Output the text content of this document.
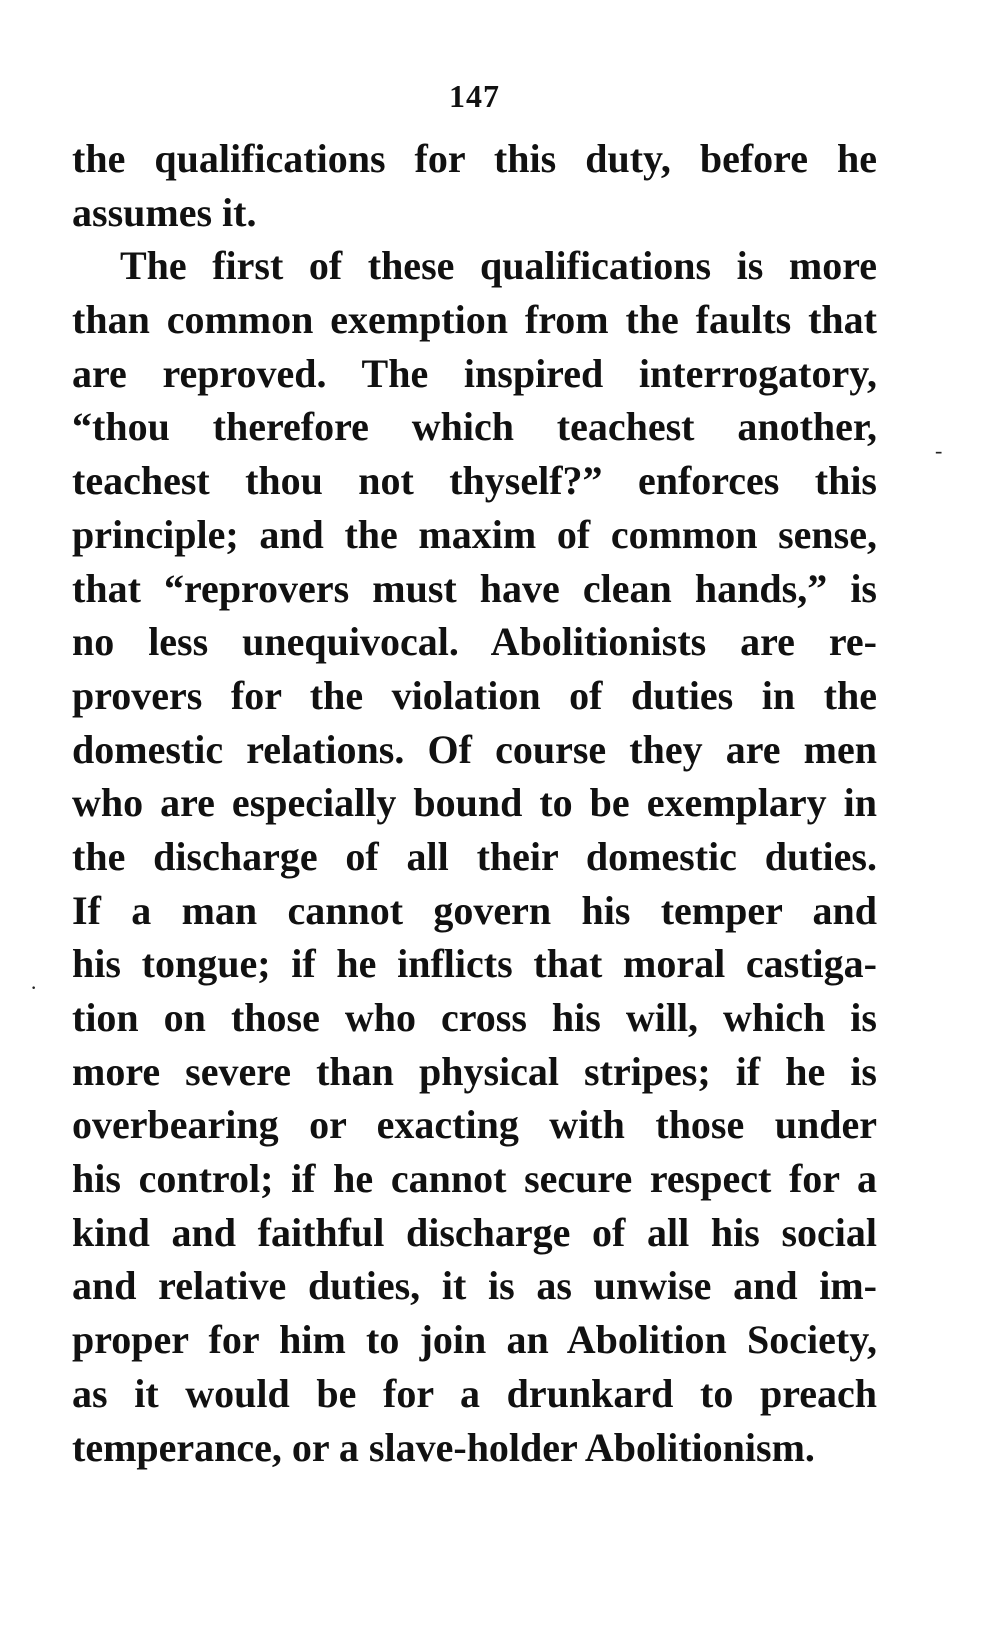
147
the qualifications for this duty, before he
assumes it.
The first of these qualifications is more
than common exemption from the faults that
are reproved. The inspired interrogatory,
“thou therefore which teachest another,
teachest thou not thyself?” enforces this
principle; and the maxim of common sense,
that “reprovers must have clean hands,” is
no less unequivocal. Abolitionists are re-
provers for the violation of duties in the
domestic relations. Of course they are men
who are especially bound to be exemplary in
the discharge of all their domestic duties.
If a man cannot govern his temper and
his tongue; if he inflicts that moral castiga-
tion on those who cross his will, which is
more severe than physical stripes; if he is
overbearing or exacting with those under
his control; if he cannot secure respect for a
kind and faithful discharge of all his social
and relative duties, it is as unwise and im-
proper for him to join an Abolition Society,
as it would be for a drunkard to preach
temperance, or a slave-holder Abolitionism.
-
·
